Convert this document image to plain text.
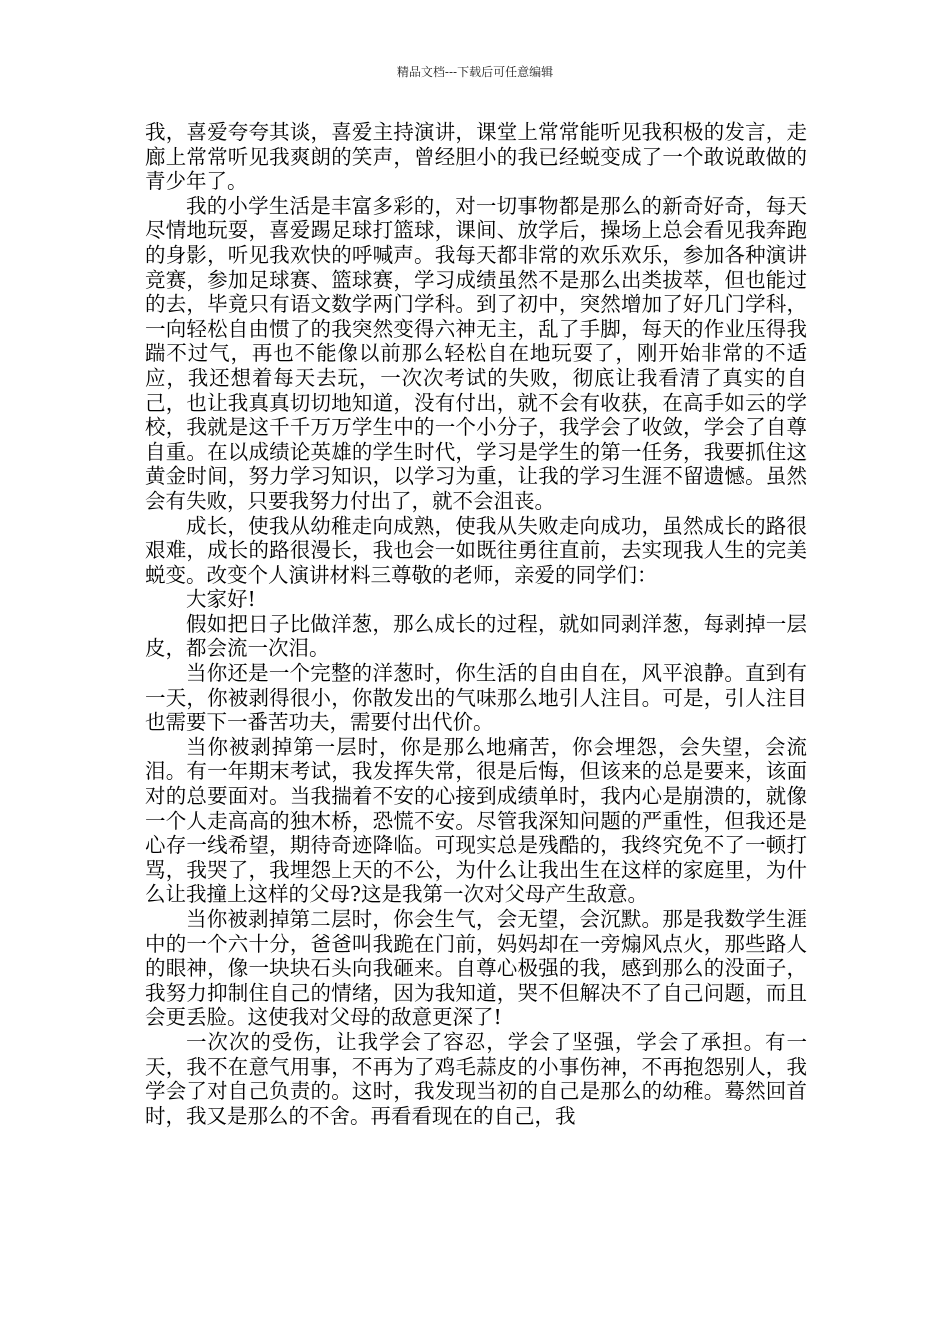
精品文档---下载后可任意编辑

我，喜爱夸夸其谈，喜爱主持演讲，课堂上常常能听见我积极的发言，走廊上常常听见我爽朗的笑声，曾经胆小的我已经蜕变成了一个敢说敢做的青少年了。

我的小学生活是丰富多彩的，对一切事物都是那么的新奇好奇，每天尽情地玩耍，喜爱踢足球打篮球，课间、放学后，操场上总会看见我奔跑的身影，听见我欢快的呼喊声。我每天都非常的欢乐欢乐，参加各种演讲竞赛，参加足球赛、篮球赛，学习成绩虽然不是那么出类拔萃，但也能过的去，毕竟只有语文数学两门学科。到了初中，突然增加了好几门学科，一向轻松自由惯了的我突然变得六神无主，乱了手脚，每天的作业压得我踹不过气，再也不能像以前那么轻松自在地玩耍了，刚开始非常的不适应，我还想着每天去玩，一次次考试的失败，彻底让我看清了真实的自己，也让我真真切切地知道，没有付出，就不会有收获，在高手如云的学校，我就是这千千万万学生中的一个小分子，我学会了收敛，学会了自尊自重。在以成绩论英雄的学生时代，学习是学生的第一任务，我要抓住这黄金时间，努力学习知识，以学习为重，让我的学习生涯不留遗憾。虽然会有失败，只要我努力付出了，就不会沮丧。

成长，使我从幼稚走向成熟，使我从失败走向成功，虽然成长的路很艰难，成长的路很漫长，我也会一如既往勇往直前，去实现我人生的完美蜕变。改变个人演讲材料三尊敬的老师，亲爱的同学们：

大家好!

假如把日子比做洋葱，那么成长的过程，就如同剥洋葱，每剥掉一层皮，都会流一次泪。

当你还是一个完整的洋葱时，你生活的自由自在，风平浪静。直到有一天，你被剥得很小，你散发出的气味那么地引人注目。可是，引人注目也需要下一番苦功夫，需要付出代价。

当你被剥掉第一层时，你是那么地痛苦，你会埋怨，会失望，会流泪。有一年期末考试，我发挥失常，很是后悔，但该来的总是要来，该面对的总要面对。当我揣着不安的心接到成绩单时，我内心是崩溃的，就像一个人走高高的独木桥，恐慌不安。尽管我深知问题的严重性，但我还是心存一线希望，期待奇迹降临。可现实总是残酷的，我终究免不了一顿打骂，我哭了，我埋怨上天的不公，为什么让我出生在这样的家庭里，为什么让我撞上这样的父母?这是我第一次对父母产生敌意。

当你被剥掉第二层时，你会生气，会无望，会沉默。那是我数学生涯中的一个六十分，爸爸叫我跪在门前，妈妈却在一旁煽风点火，那些路人的眼神，像一块块石头向我砸来。自尊心极强的我，感到那么的没面子，我努力抑制住自己的情绪，因为我知道，哭不但解决不了自己问题，而且会更丢脸。这使我对父母的敌意更深了!

一次次的受伤，让我学会了容忍，学会了坚强，学会了承担。有一天，我不在意气用事，不再为了鸡毛蒜皮的小事伤神，不再抱怨别人，我学会了对自己负责的。这时，我发现当初的自己是那么的幼稚。蓦然回首时，我又是那么的不舍。再看看现在的自己，我
